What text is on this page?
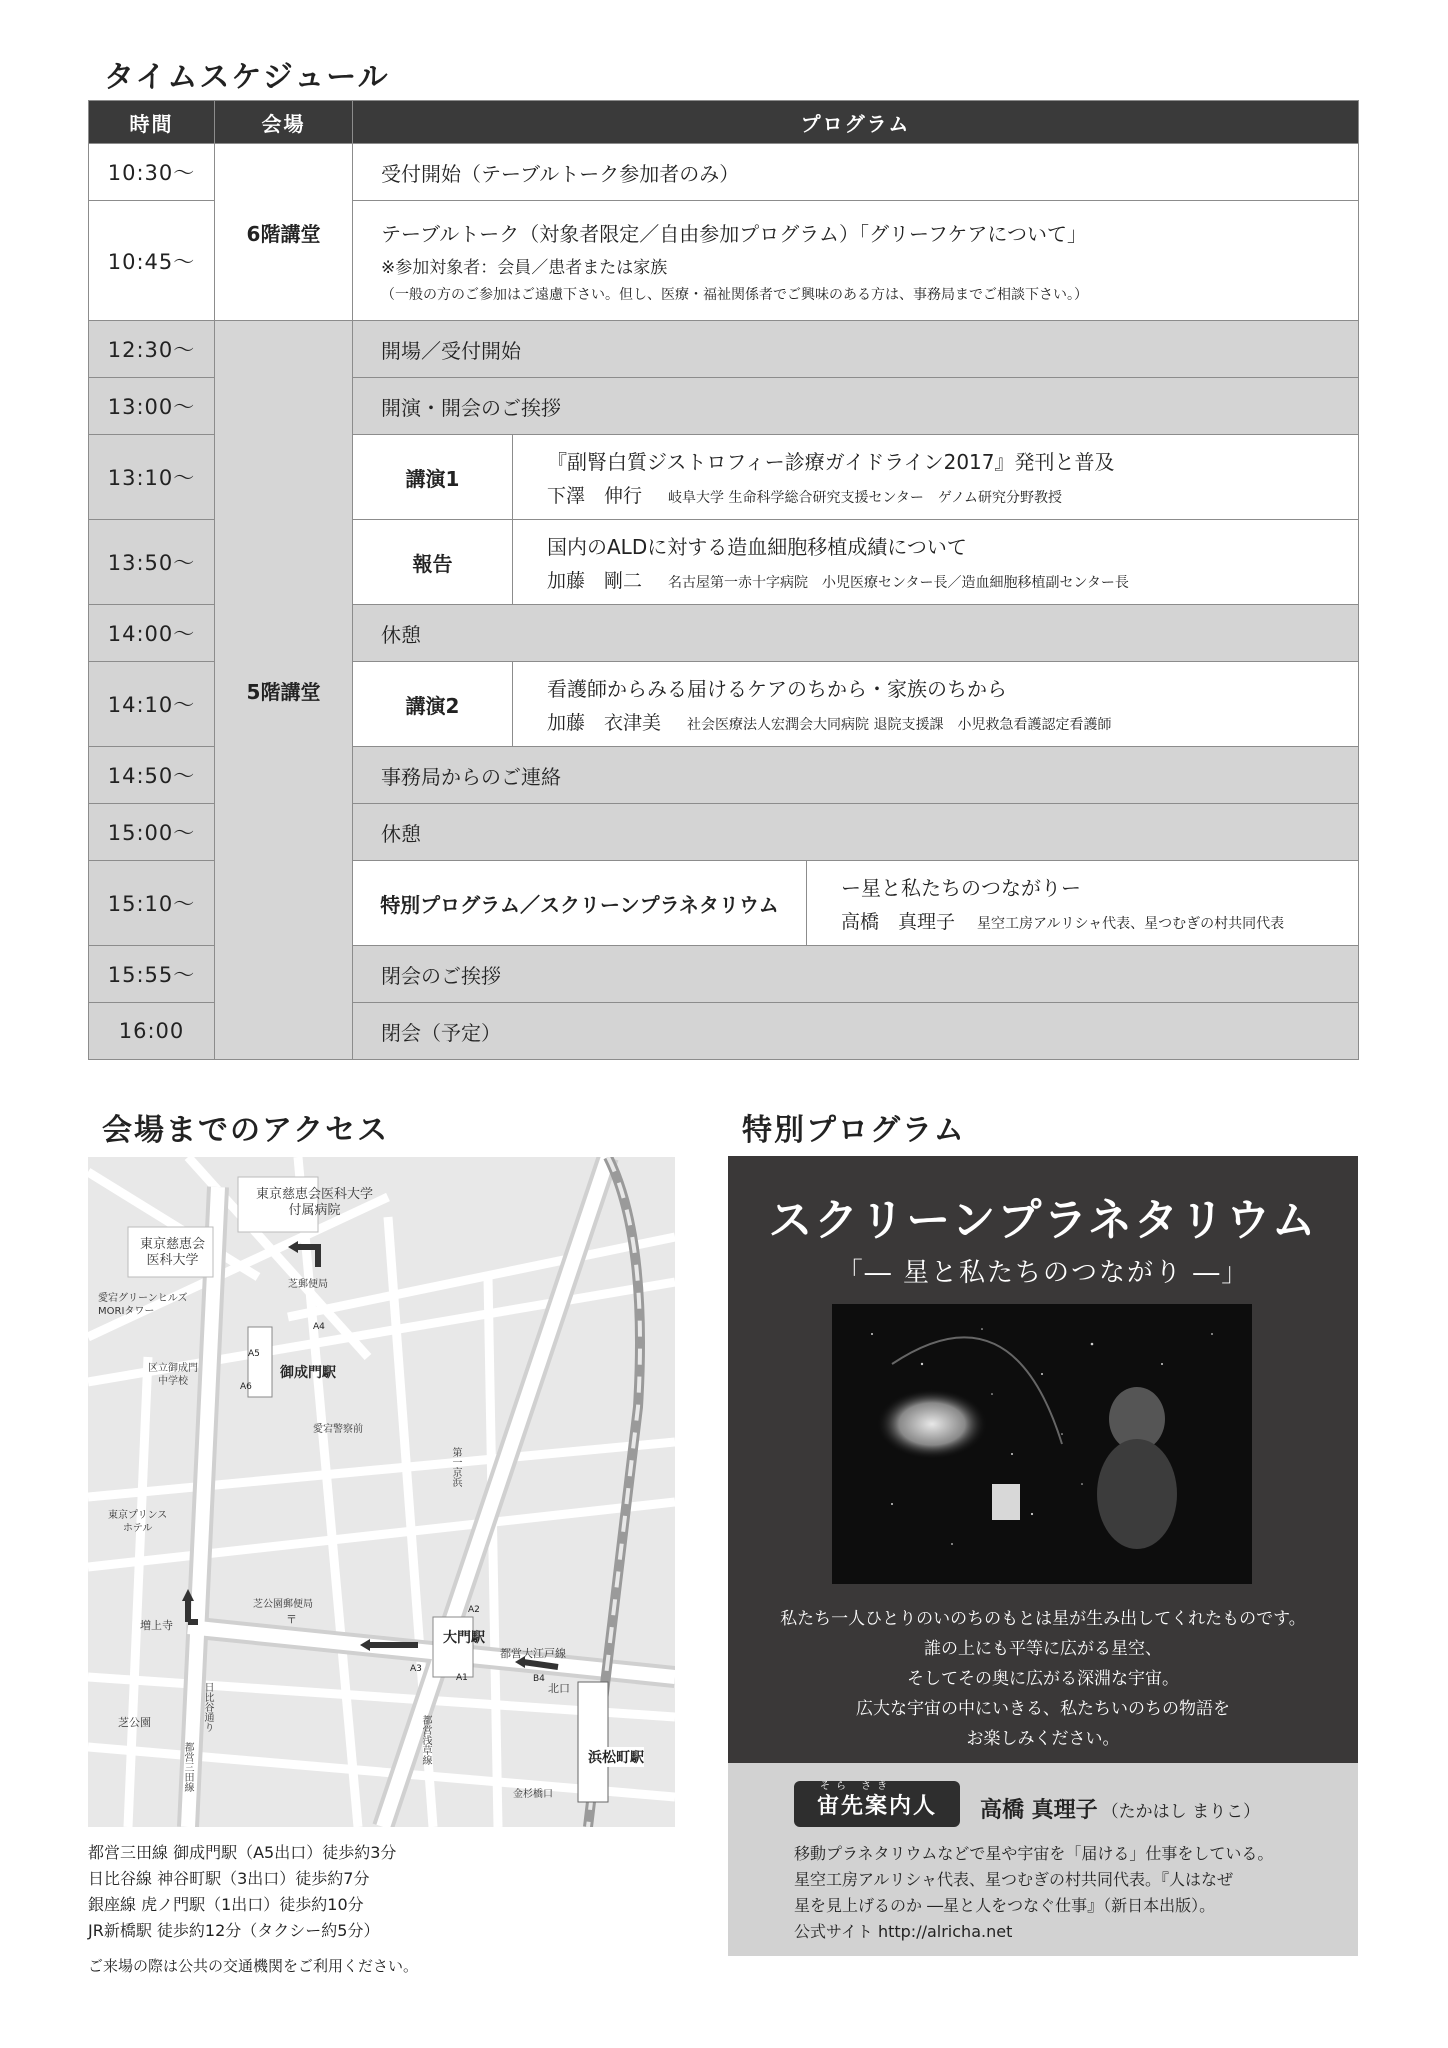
タイムスケジュール
時間	会場	プログラム		
10:30〜	6階講堂	受付開始（テーブルトーク参加者のみ）		
10:45〜		テーブルトーク（対象者限定／自由参加プログラム）「グリーフケアについて」
※参加対象者：会員／患者または家族
（一般の方のご参加はご遠慮下さい。但し、医療・福祉関係者でご興味のある方は、事務局までご相談下さい。）		

12:30〜	5階講堂	開場／受付開始		
13:00〜		開演・開会のご挨拶		
13:10〜		講演1	『副腎白質ジストロフィー診療ガイドライン2017』発刊と普及
下澤　伸行 岐阜大学 生命科学総合研究支援センター　ゲノム研究分野教授	

13:50〜		報告	国内のALDに対する造血細胞移植成績について
加藤　剛二 名古屋第一赤十字病院　小児医療センター長／造血細胞移植副センター長	

14:00〜		休憩		
14:10〜		講演2	看護師からみる届けるケアのちから・家族のちから
加藤　衣津美 社会医療法人宏潤会大同病院 退院支援課　小児救急看護認定看護師	

14:50〜		事務局からのご連絡		
15:00〜		休憩		
15:10〜		特別プログラム／スクリーンプラネタリウム		ー星と私たちのつながりー
高橋　真理子 星空工房アルリシャ代表、星つむぎの村共同代表

15:55〜		閉会のご挨拶		
16:00		閉会（予定）		
会場までのアクセス
東京慈恵会医科大学
付属病院
東京慈恵会
医科大学
芝郵便局
愛宕グリーンヒルズ
MORIタワー
区立御成門
中学校
御成門駅
愛宕警察前
東京プリンス
ホテル
芝公園郵便局
〒
増上寺
芝公園
大門駅
都営大江戸線
北口
浜松町駅
金杉橋口
第一京浜
日比谷通り
都営三田線
都営浅草線
A4
A5
A6
A2
A1	B4
A3
都営三田線 御成門駅（A5出口）徒歩約3分
日比谷線 神谷町駅（3出口）徒歩約7分
銀座線 虎ノ門駅（1出口）徒歩約10分
JR新橋駅 徒歩約12分（タクシー約5分）
ご来場の際は公共の交通機関をご利用ください。
特別プログラム
スクリーンプラネタリウム
「― 星と私たちのつながり ―」
私たち一人ひとりのいのちのもとは星が生み出してくれたものです。
誰の上にも平等に広がる星空、
そしてその奥に広がる深淵な宇宙。
広大な宇宙の中にいきる、私たちいのちの物語を
お楽しみください。
宙先案内人
そら さき
高橋 真理子 （たかはし まりこ）
移動プラネタリウムなどで星や宇宙を「届ける」仕事をしている。
星空工房アルリシャ代表、星つむぎの村共同代表。『人はなぜ
星を見上げるのか ―星と人をつなぐ仕事』（新日本出版）。
公式サイト http://alricha.net
